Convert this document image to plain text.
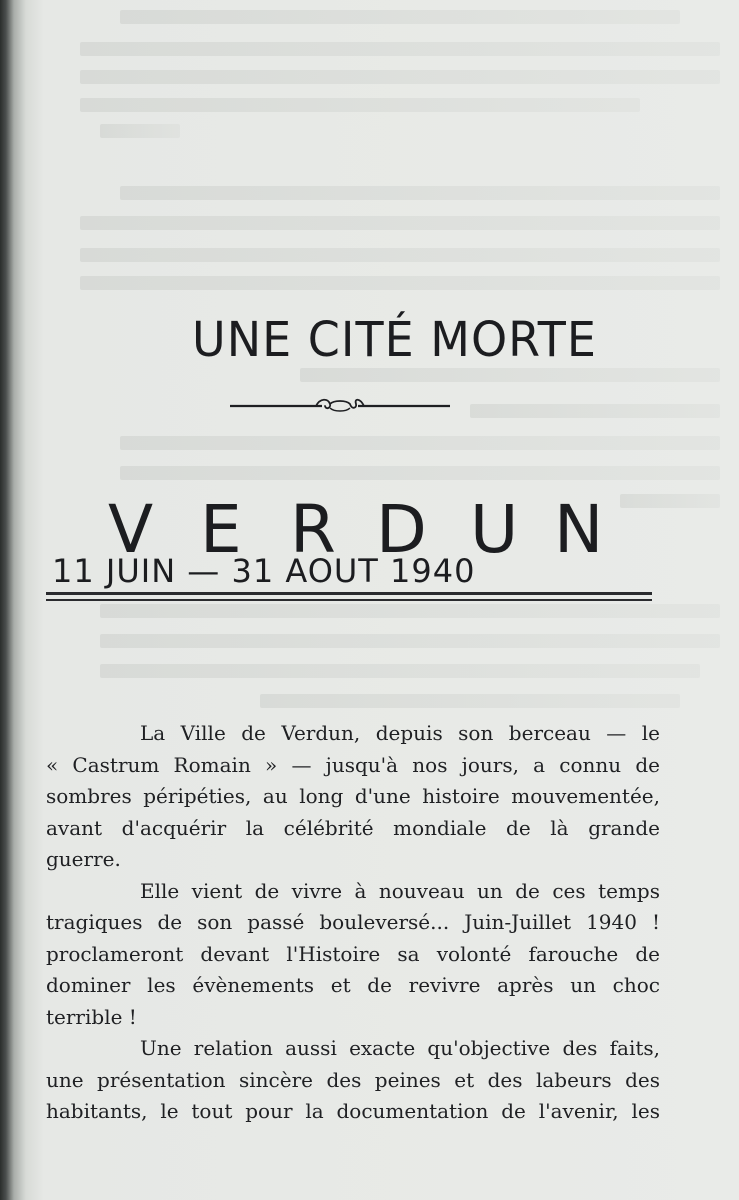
UNE CITÉ MORTE
V E R D U N
11 JUIN — 31 AOUT 1940
La Ville de Verdun, depuis son berceau — le
« Castrum Romain » — jusqu'à nos jours, a connu de
sombres péripéties, au long d'une histoire mouvementée,
avant d'acquérir la célébrité mondiale de là grande
guerre.
Elle vient de vivre à nouveau un de ces temps
tragiques de son passé bouleversé... Juin-Juillet 1940 !
proclameront devant l'Histoire sa volonté farouche de
dominer les évènements et de revivre après un choc
terrible !
Une relation aussi exacte qu'objective des faits,
une présentation sincère des peines et des labeurs des
habitants, le tout pour la documentation de l'avenir, les
